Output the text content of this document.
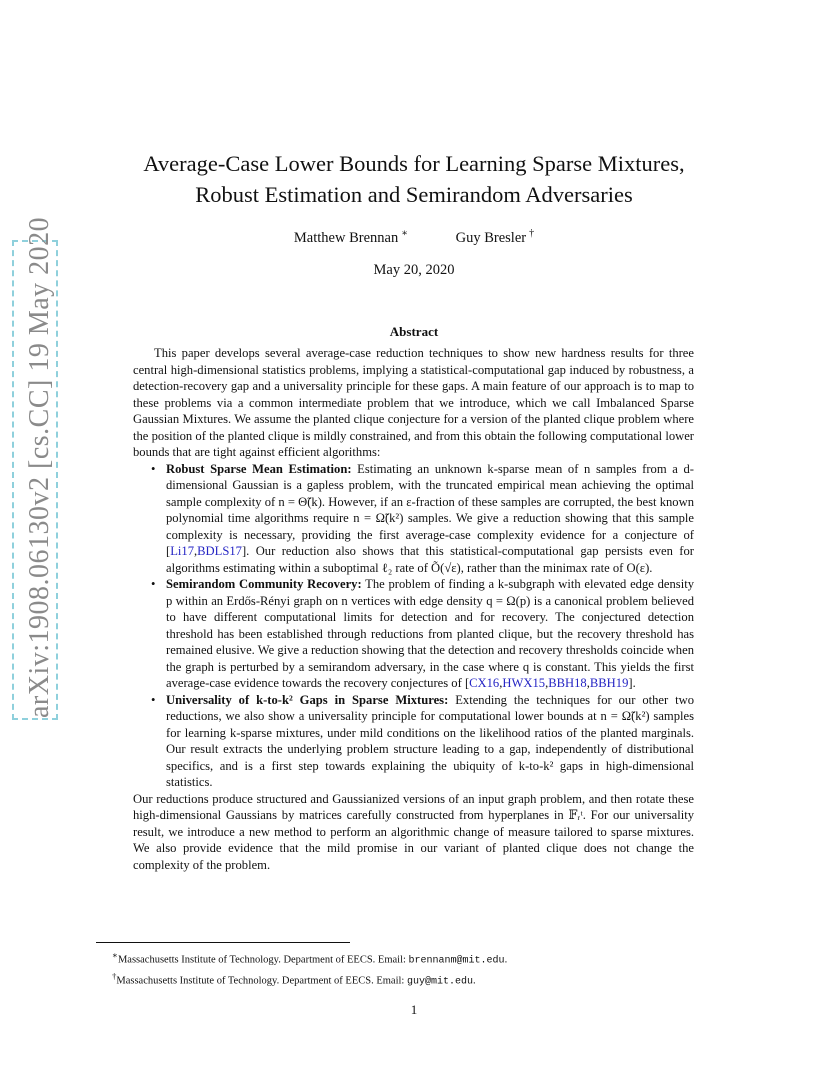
arXiv:1908.06130v2 [cs.CC] 19 May 2020
Average-Case Lower Bounds for Learning Sparse Mixtures,
Robust Estimation and Semirandom Adversaries
Matthew Brennan ∗	Guy Bresler †
May 20, 2020
Abstract

This paper develops several average-case reduction techniques to show new hardness results for three central high-dimensional statistics problems, implying a statistical-computational gap induced by robustness, a detection-recovery gap and a universality principle for these gaps. A main feature of our approach is to map to these problems via a common intermediate problem that we introduce, which we call Imbalanced Sparse Gaussian Mixtures. We assume the planted clique conjecture for a version of the planted clique problem where the position of the planted clique is mildly constrained, and from this obtain the following computational lower bounds that are tight against efficient algorithms:

• Robust Sparse Mean Estimation: Estimating an unknown k-sparse mean of n samples from a d-dimensional Gaussian is a gapless problem, with the truncated empirical mean achieving the optimal sample complexity of n = Θ̃(k). However, if an ε-fraction of these samples are corrupted, the best known polynomial time algorithms require n = Ω̃(k²) samples. We give a reduction showing that this sample complexity is necessary, providing the first average-case complexity evidence for a conjecture of [Li17,BDLS17]. Our reduction also shows that this statistical-computational gap persists even for algorithms estimating within a suboptimal ℓ₂ rate of Õ(√ε), rather than the minimax rate of O(ε).
• Semirandom Community Recovery: The problem of finding a k-subgraph with elevated edge density p within an Erdős-Rényi graph on n vertices with edge density q = Ω(p) is a canonical problem believed to have different computational limits for detection and for recovery. The conjectured detection threshold has been established through reductions from planted clique, but the recovery threshold has remained elusive. We give a reduction showing that the detection and recovery thresholds coincide when the graph is perturbed by a semirandom adversary, in the case where q is constant. This yields the first average-case evidence towards the recovery conjectures of [CX16,HWX15,BBH18,BBH19].
• Universality of k-to-k² Gaps in Sparse Mixtures: Extending the techniques for our other two reductions, we also show a universality principle for computational lower bounds at n = Ω̃(k²) samples for learning k-sparse mixtures, under mild conditions on the likelihood ratios of the planted marginals. Our result extracts the underlying problem structure leading to a gap, independently of distributional specifics, and is a first step towards explaining the ubiquity of k-to-k² gaps in high-dimensional statistics.

Our reductions produce structured and Gaussianized versions of an input graph problem, and then rotate these high-dimensional Gaussians by matrices carefully constructed from hyperplanes in 𝔽ᵣᵗ. For our universality result, we introduce a new method to perform an algorithmic change of measure tailored to sparse mixtures. We also provide evidence that the mild promise in our variant of planted clique does not change the complexity of the problem.

∗Massachusetts Institute of Technology. Department of EECS. Email: brennanm@mit.edu.
†Massachusetts Institute of Technology. Department of EECS. Email: guy@mit.edu.
1
